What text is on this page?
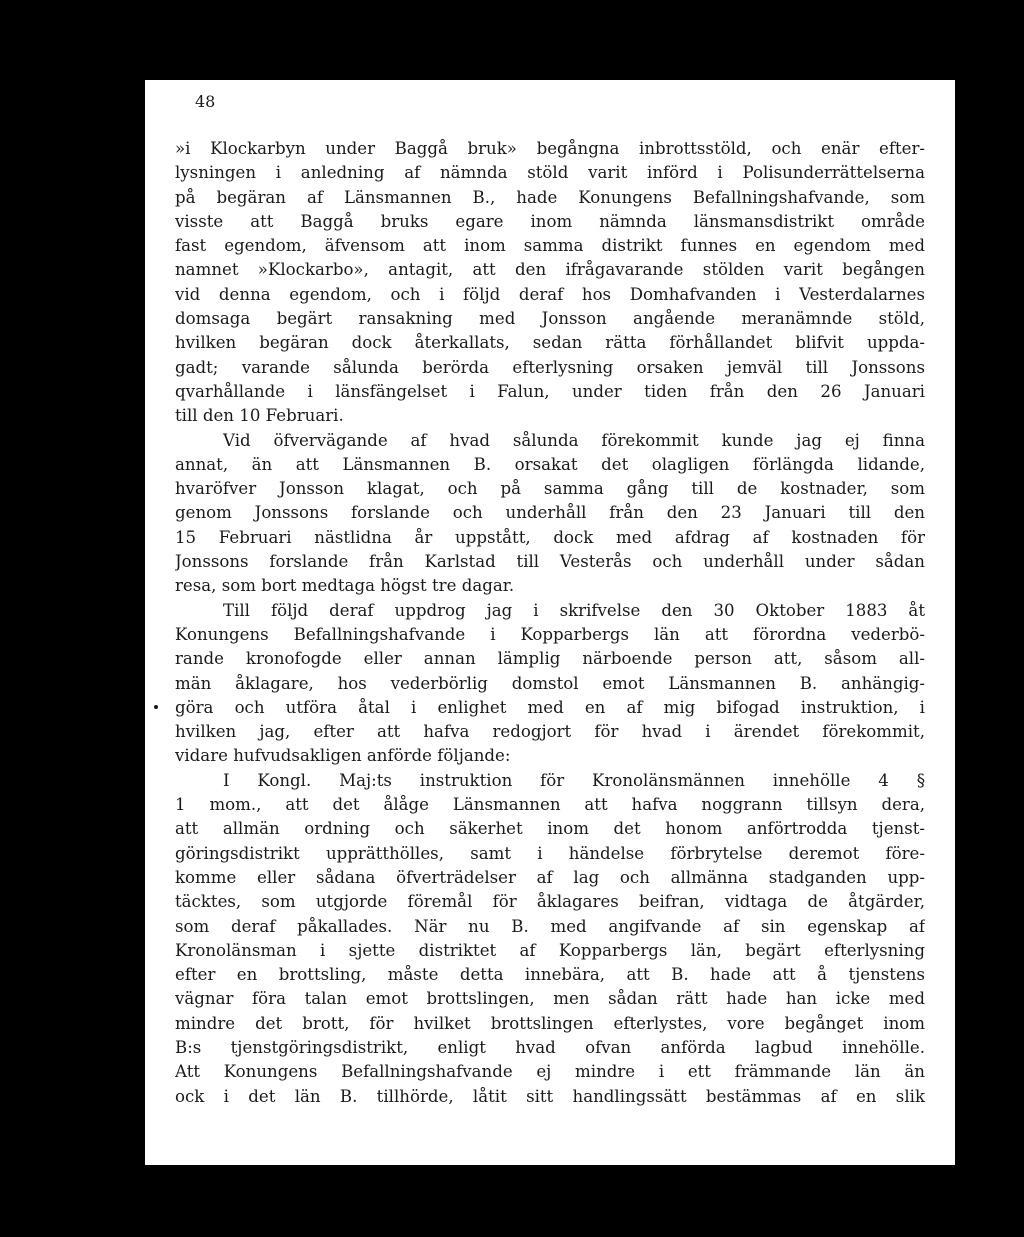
48

»i Klockarbyn under Baggå bruk» begångna inbrottsstöld, och enär efter-
lysningen i anledning af nämnda stöld varit införd i Polisunderrättelserna
på begäran af Länsmannen B., hade Konungens Befallningshafvande, som
visste att Baggå bruks egare inom nämnda länsmansdistrikt område
fast egendom, äfvensom att inom samma distrikt funnes en egendom med
namnet »Klockarbo», antagit, att den ifrågavarande stölden varit begången
vid denna egendom, och i följd deraf hos Domhafvanden i Vesterdalarnes
domsaga begärt ransakning med Jonsson angående meranämnde stöld,
hvilken begäran dock återkallats, sedan rätta förhållandet blifvit uppda-
gadt; varande sålunda berörda efterlysning orsaken jemväl till Jonssons
qvarhållande i länsfängelset i Falun, under tiden från den 26 Januari
till den 10 Februari.
Vid öfvervägande af hvad sålunda förekommit kunde jag ej finna
annat, än att Länsmannen B. orsakat det olagligen förlängda lidande,
hvaröfver Jonsson klagat, och på samma gång till de kostnader, som
genom Jonssons forslande och underhåll från den 23 Januari till den
15 Februari nästlidna år uppstått, dock med afdrag af kostnaden för
Jonssons forslande från Karlstad till Vesterås och underhåll under sådan
resa, som bort medtaga högst tre dagar.
Till följd deraf uppdrog jag i skrifvelse den 30 Oktober 1883 åt
Konungens Befallningshafvande i Kopparbergs län att förordna vederbö-
rande kronofogde eller annan lämplig närboende person att, såsom all-
män åklagare, hos vederbörlig domstol emot Länsmannen B. anhängig-
göra och utföra åtal i enlighet med en af mig bifogad instruktion, i
hvilken jag, efter att hafva redogjort för hvad i ärendet förekommit,
vidare hufvudsakligen anförde följande:
I Kongl. Maj:ts instruktion för Kronolänsmännen innehölle 4 §
1 mom., att det ålåge Länsmannen att hafva noggrann tillsyn dera,
att allmän ordning och säkerhet inom det honom anförtrodda tjenst-
göringsdistrikt upprätthölles, samt i händelse förbrytelse deremot före-
komme eller sådana öfverträdelser af lag och allmänna stadganden upp-
täcktes, som utgjorde föremål för åklagares beifran, vidtaga de åtgärder,
som deraf påkallades. När nu B. med angifvande af sin egenskap af
Kronolänsman i sjette distriktet af Kopparbergs län, begärt efterlysning
efter en brottsling, måste detta innebära, att B. hade att å tjenstens
vägnar föra talan emot brottslingen, men sådan rätt hade han icke med
mindre det brott, för hvilket brottslingen efterlystes, vore begånget inom
B:s tjenstgöringsdistrikt, enligt hvad ofvan anförda lagbud innehölle.
Att Konungens Befallningshafvande ej mindre i ett främmande län än
ock i det län B. tillhörde, låtit sitt handlingssätt bestämmas af en slik
